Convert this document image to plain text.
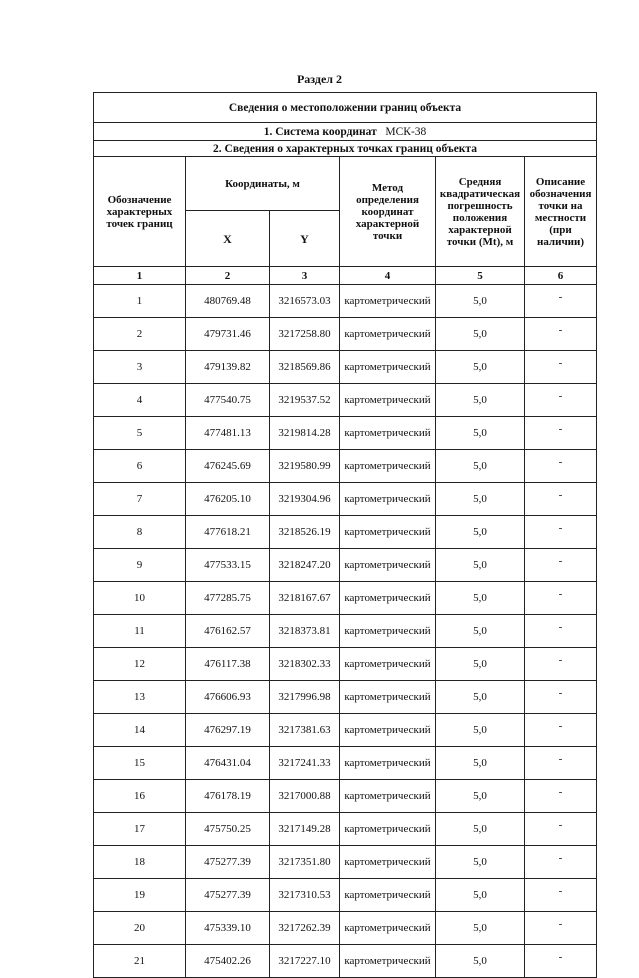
Раздел 2
Сведения о местоположении границ объекта					
1. Система координат МСК-38					
2. Сведения о характерных точках границ объекта					
Обозначение характерных точек границ	Координаты, м		Метод определения координат характерной точки	Средняя квадратическая погрешность положения характерной точки (Mt), м	Описание обозначения точки на местности (при наличии)
	X	Y			
1	2	3	4	5	6
1	480769.48	3216573.03	картометрический	5,0	-
2	479731.46	3217258.80	картометрический	5,0	-
3	479139.82	3218569.86	картометрический	5,0	-
4	477540.75	3219537.52	картометрический	5,0	-
5	477481.13	3219814.28	картометрический	5,0	-
6	476245.69	3219580.99	картометрический	5,0	-
7	476205.10	3219304.96	картометрический	5,0	-
8	477618.21	3218526.19	картометрический	5,0	-
9	477533.15	3218247.20	картометрический	5,0	-
10	477285.75	3218167.67	картометрический	5,0	-
11	476162.57	3218373.81	картометрический	5,0	-
12	476117.38	3218302.33	картометрический	5,0	-
13	476606.93	3217996.98	картометрический	5,0	-
14	476297.19	3217381.63	картометрический	5,0	-
15	476431.04	3217241.33	картометрический	5,0	-
16	476178.19	3217000.88	картометрический	5,0	-
17	475750.25	3217149.28	картометрический	5,0	-
18	475277.39	3217351.80	картометрический	5,0	-
19	475277.39	3217310.53	картометрический	5,0	-
20	475339.10	3217262.39	картометрический	5,0	-
21	475402.26	3217227.10	картометрический	5,0	-
